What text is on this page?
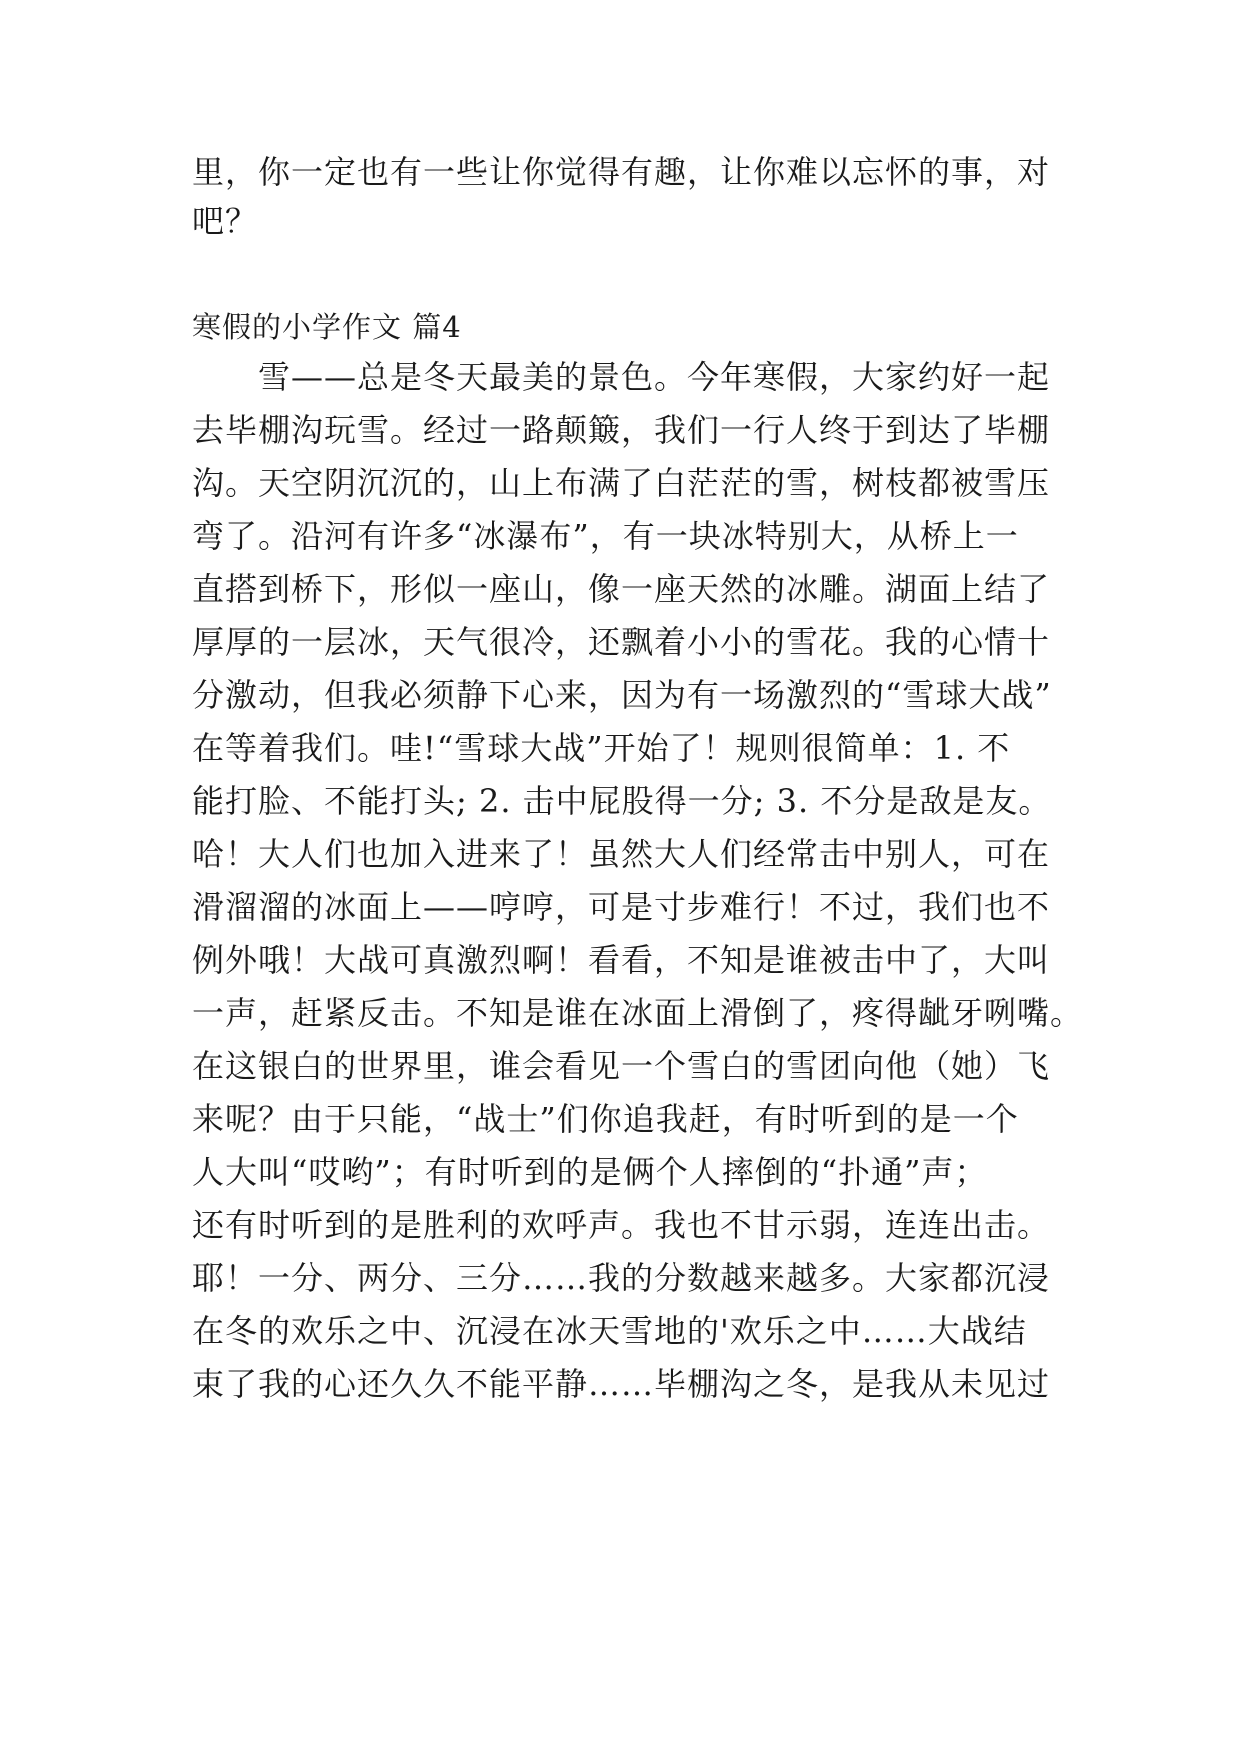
里，你一定也有一些让你觉得有趣，让你难以忘怀的事，对
吧？
寒假的小学作文 篇4
　　雪——总是冬天最美的景色。今年寒假，大家约好一起
去毕棚沟玩雪。经过一路颠簸，我们一行人终于到达了毕棚
沟。天空阴沉沉的，山上布满了白茫茫的雪，树枝都被雪压
弯了。沿河有许多“冰瀑布”，有一块冰特别大，从桥上一
直搭到桥下，形似一座山，像一座天然的冰雕。湖面上结了
厚厚的一层冰，天气很冷，还飘着小小的雪花。我的心情十
分激动，但我必须静下心来，因为有一场激烈的“雪球大战”
在等着我们。哇!“雪球大战”开始了！规则很简单：1. 不
能打脸、不能打头; 2. 击中屁股得一分; 3. 不分是敌是友。
哈！大人们也加入进来了！虽然大人们经常击中别人，可在
滑溜溜的冰面上——哼哼，可是寸步难行！不过，我们也不
例外哦！大战可真激烈啊！看看，不知是谁被击中了，大叫
一声，赶紧反击。不知是谁在冰面上滑倒了，疼得龇牙咧嘴。
在这银白的世界里，谁会看见一个雪白的雪团向他（她）飞
来呢？由于只能，“战士”们你追我赶，有时听到的是一个
人大叫“哎哟”；有时听到的是俩个人摔倒的“扑通”声；
还有时听到的是胜利的欢呼声。我也不甘示弱，连连出击。
耶！一分、两分、三分……我的分数越来越多。大家都沉浸
在冬的欢乐之中、沉浸在冰天雪地的'欢乐之中……大战结
束了我的心还久久不能平静……毕棚沟之冬，是我从未见过
